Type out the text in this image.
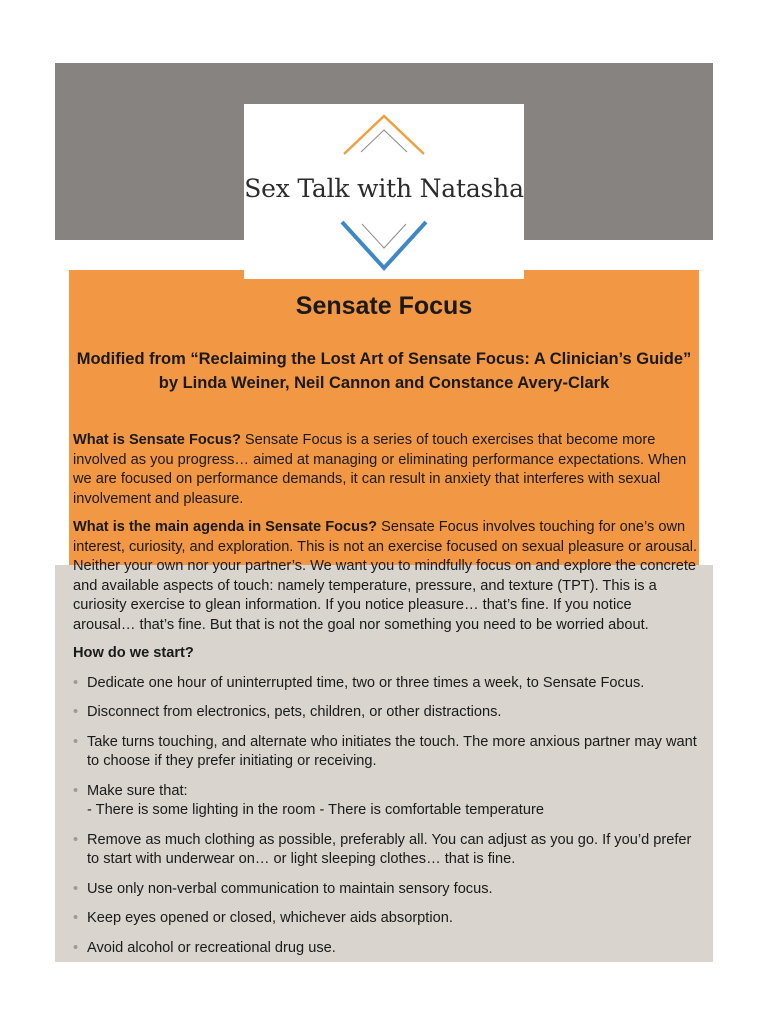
Sex Talk with Natasha
Sensate Focus
Modified from “Reclaiming the Lost Art of Sensate Focus: A Clinician’s Guide” by Linda Weiner, Neil Cannon and Constance Avery-Clark

What is Sensate Focus? Sensate Focus is a series of touch exercises that become more involved as you progress… aimed at managing or eliminating performance expectations. When we are focused on performance demands, it can result in anxiety that interferes with sexual involvement and pleasure.

What is the main agenda in Sensate Focus? Sensate Focus involves touching for one’s own interest, curiosity, and exploration. This is not an exercise focused on sexual pleasure or arousal. Neither your own nor your partner’s. We want you to mindfully focus on and explore the concrete and available aspects of touch: namely temperature, pressure, and texture (TPT). This is a curiosity exercise to glean information. If you notice pleasure… that’s fine. If you notice arousal… that’s fine. But that is not the goal nor something you need to be worried about.

How do we start?
• Dedicate one hour of uninterrupted time, two or three times a week, to Sensate Focus.
• Disconnect from electronics, pets, children, or other distractions.
• Take turns touching, and alternate who initiates the touch. The more anxious partner may want to choose if they prefer initiating or receiving.
• Make sure that:
- There is some lighting in the room - There is comfortable temperature
• Remove as much clothing as possible, preferably all. You can adjust as you go. If you’d prefer to start with underwear on… or light sleeping clothes… that is fine.
• Use only non-verbal communication to maintain sensory focus.
• Keep eyes opened or closed, whichever aids absorption.
• Avoid alcohol or recreational drug use.
